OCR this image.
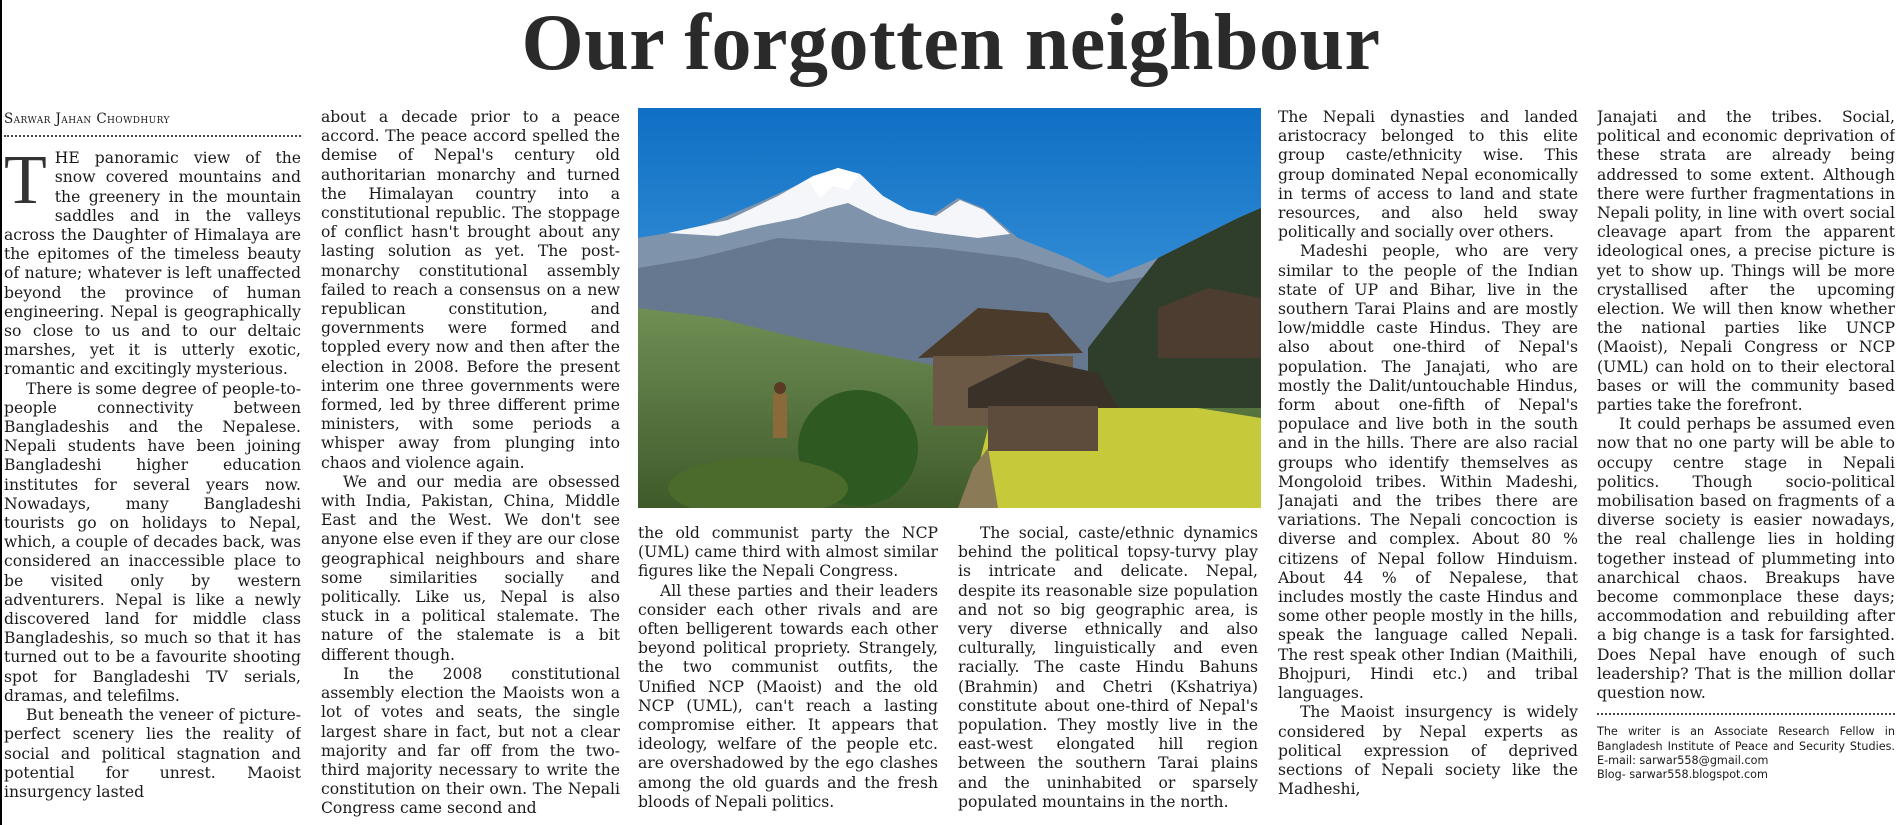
Our forgotten neighbour
Sarwar Jahan Chowdhury

THE panoramic view of the snow covered mountains and the greenery in the mountain saddles and in the valleys across the Daughter of Himalaya are the epitomes of the timeless beauty of nature; whatever is left unaffected beyond the province of human engineering. Nepal is geographically so close to us and to our deltaic marshes, yet it is utterly exotic, romantic and excitingly mysterious.

There is some degree of people-to-people connectivity between Bangladeshis and the Nepalese. Nepali students have been joining Bangladeshi higher education institutes for several years now. Nowadays, many Bangladeshi tourists go on holidays to Nepal, which, a couple of decades back, was considered an inaccessible place to be visited only by western adventurers. Nepal is like a newly discovered land for middle class Bangladeshis, so much so that it has turned out to be a favourite shooting spot for Bangladeshi TV serials, dramas, and telefilms.

But beneath the veneer of picture-perfect scenery lies the reality of social and political stagnation and potential for unrest. Maoist insurgency lasted

about a decade prior to a peace accord. The peace accord spelled the demise of Nepal's century old authoritarian monarchy and turned the Himalayan country into a constitutional republic. The stoppage of conflict hasn't brought about any lasting solution as yet. The post-monarchy constitutional assembly failed to reach a consensus on a new republican constitution, and governments were formed and toppled every now and then after the election in 2008. Before the present interim one three governments were formed, led by three different prime ministers, with some periods a whisper away from plunging into chaos and violence again.

We and our media are obsessed with India, Pakistan, China, Middle East and the West. We don't see anyone else even if they are our close geographical neighbours and share some similarities socially and politically. Like us, Nepal is also stuck in a political stalemate. The nature of the stalemate is a bit different though.

In the 2008 constitutional assembly election the Maoists won a lot of votes and seats, the single largest share in fact, but not a clear majority and far off from the two-third majority necessary to write the constitution on their own. The Nepali Congress came second and

the old communist party the NCP (UML) came third with almost similar figures like the Nepali Congress.

All these parties and their leaders consider each other rivals and are often belligerent towards each other beyond political propriety. Strangely, the two communist outfits, the Unified NCP (Maoist) and the old NCP (UML), can't reach a lasting compromise either. It appears that ideology, welfare of the people etc. are overshadowed by the ego clashes among the old guards and the fresh bloods of Nepali politics.

The social, caste/ethnic dynamics behind the political topsy-turvy play is intricate and delicate. Nepal, despite its reasonable size population and not so big geographic area, is very diverse ethnically and also culturally, linguistically and even racially. The caste Hindu Bahuns (Brahmin) and Chetri (Kshatriya) constitute about one-third of Nepal's population. They mostly live in the east-west elongated hill region between the southern Tarai plains and the uninhabited or sparsely populated mountains in the north.

The Nepali dynasties and landed aristocracy belonged to this elite group caste/ethnicity wise. This group dominated Nepal economically in terms of access to land and state resources, and also held sway politically and socially over others.

Madeshi people, who are very similar to the people of the Indian state of UP and Bihar, live in the southern Tarai Plains and are mostly low/middle caste Hindus. They are also about one-third of Nepal's population. The Janajati, who are mostly the Dalit/untouchable Hindus, form about one-fifth of Nepal's populace and live both in the south and in the hills. There are also racial groups who identify themselves as Mongoloid tribes. Within Madeshi, Janajati and the tribes there are variations. The Nepali concoction is diverse and complex. About 80 % citizens of Nepal follow Hinduism. About 44 % of Nepalese, that includes mostly the caste Hindus and some other people mostly in the hills, speak the language called Nepali. The rest speak other Indian (Maithili, Bhojpuri, Hindi etc.) and tribal languages.

The Maoist insurgency is widely considered by Nepal experts as political expression of deprived sections of Nepali society like the Madheshi,

Janajati and the tribes. Social, political and economic deprivation of these strata are already being addressed to some extent. Although there were further fragmentations in Nepali polity, in line with overt social cleavage apart from the apparent ideological ones, a precise picture is yet to show up. Things will be more crystallised after the upcoming election. We will then know whether the national parties like UNCP (Maoist), Nepali Congress or NCP (UML) can hold on to their electoral bases or will the community based parties take the forefront.

It could perhaps be assumed even now that no one party will be able to occupy centre stage in Nepali politics. Though socio-political mobilisation based on fragments of a diverse society is easier nowadays, the real challenge lies in holding together instead of plummeting into anarchical chaos. Breakups have become commonplace these days; accommodation and rebuilding after a big change is a task for farsighted. Does Nepal have enough of such leadership? That is the million dollar question now.

The writer is an Associate Research Fellow in Bangladesh Institute of Peace and Security Studies. E-mail: sarwar558@gmail.com
Blog- sarwar558.blogspot.com
